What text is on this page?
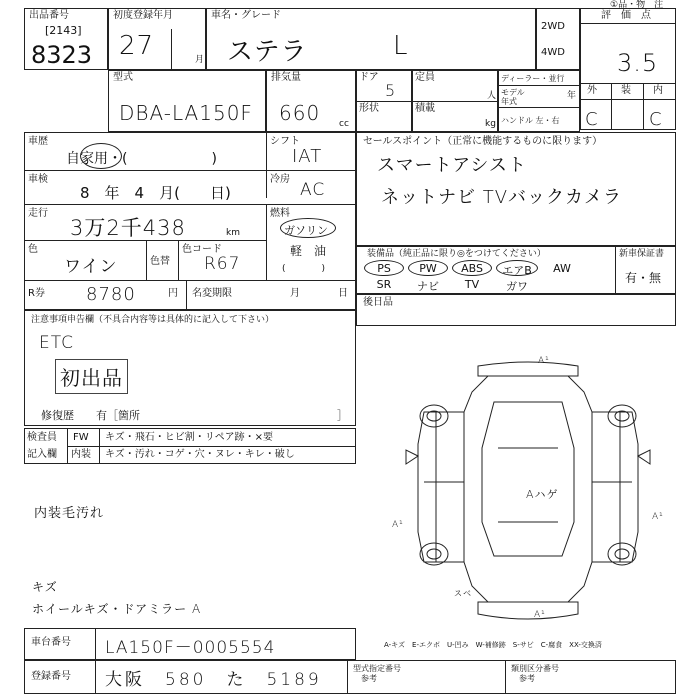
①品・物　注
出品番号
[2143]
8323
初度登録年月
27	月
車名・グレード
ステラ	L
2WD
4WD
評　価　点
3.5
外 装 内
C	C
型式
DBA-LA150F
排気量
660 cc
ドア
5
形状
定員
人
積載
kg
ディーラー・並行
モデル
年式
年
ハンドル 左・右
車歴
自家用・(　　　　　　)
シフト
IAT
車検
8　年　4　月(　　日)
冷房
AC
走行
3万2千438	km
燃料
ガソリン
軽　油
(　　　　)
色
ワイン	色替
色コード
R67
R券 8780	円 名変期限	月	日
セールスポイント（正常に機能するものに限ります）
スマートアシスト
ネットナビ TVバックカメラ
装備品（純正品に限り◎をつけてください）	新車保証書
有・無
PS	PW	ABS	エアB	AW
SR	ナビ	TV	ガワ
後日品
注意事項申告欄（不具合内容等は具体的に記入して下さい）
ETC
初出品
修復歴　　有［箇所	］
検査員
記入欄
FW キズ・飛石・ヒビ割・リペア跡・×要
内装 キズ・汚れ・コゲ・穴・ヌレ・キレ・破し
内装毛汚れ
キズ
ホイールキズ・ドアミラー A
A¹
A¹
A¹
A¹
Aハゲ
スベ
A-キズ　E-エクボ　U-凹み　W-補修跡　S-サビ　C-腐食　XX-交換済
車台番号 LA150F－0005554
登録番号 大阪　580　た　5189
型式指定番号
参考
類別区分番号
参考
